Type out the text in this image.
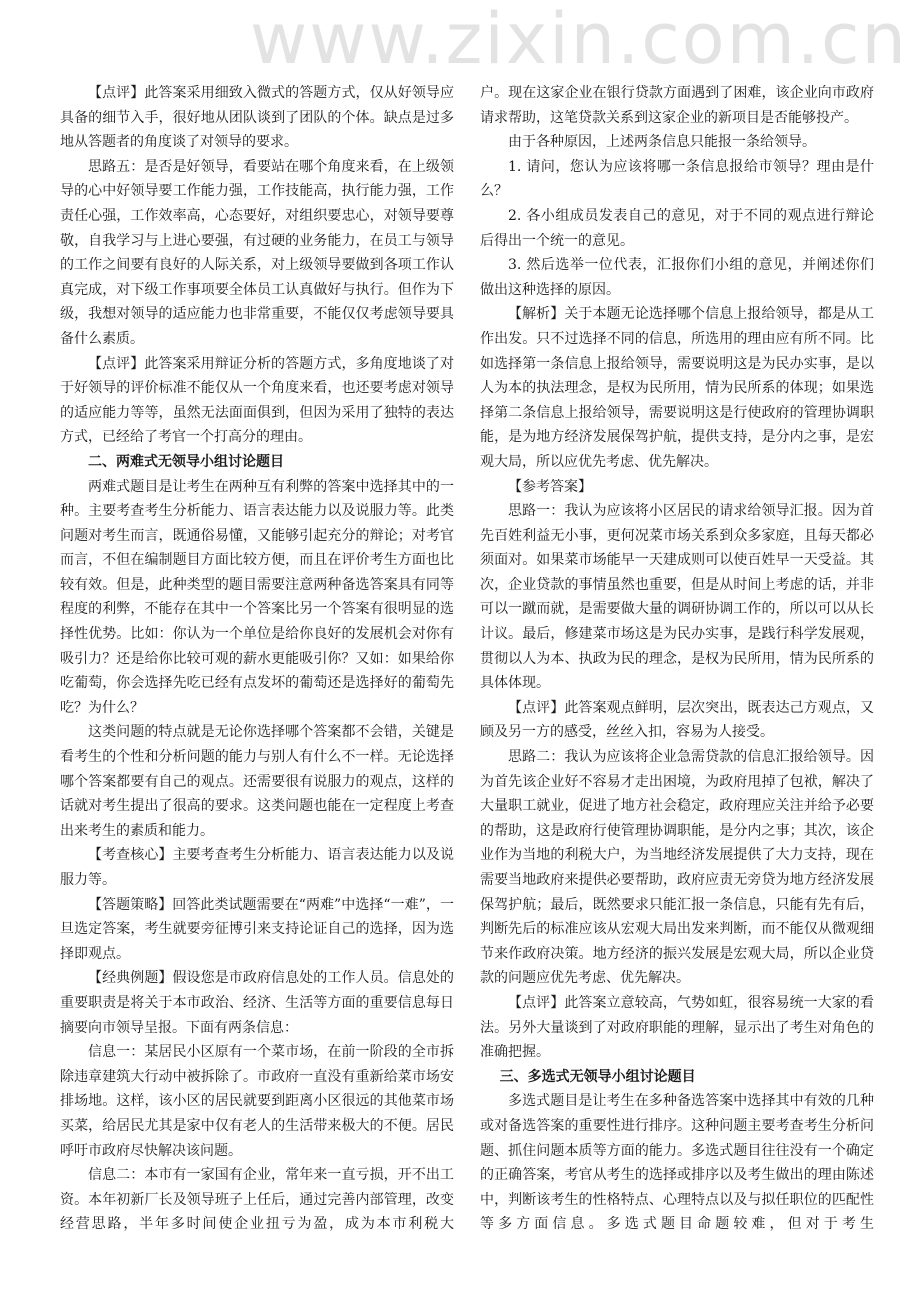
www.zixin.com.cn

【点评】此答案采用细致入微式的答题方式，仅从好领导应具备的细节入手，很好地从团队谈到了团队的个体。缺点是过多地从答题者的角度谈了对领导的要求。

思路五：是否是好领导，看要站在哪个角度来看，在上级领导的心中好领导要工作能力强，工作技能高，执行能力强，工作责任心强，工作效率高，心态要好，对组织要忠心，对领导要尊敬，自我学习与上进心要强，有过硬的业务能力，在员工与领导的工作之间要有良好的人际关系，对上级领导要做到各项工作认真完成，对下级工作事项要全体员工认真做好与执行。但作为下级，我想对领导的适应能力也非常重要，不能仅仅考虑领导要具备什么素质。

【点评】此答案采用辩证分析的答题方式，多角度地谈了对于好领导的评价标准不能仅从一个角度来看，也还要考虑对领导的适应能力等等，虽然无法面面俱到，但因为采用了独特的表达方式，已经给了考官一个打高分的理由。

二、两难式无领导小组讨论题目

两难式题目是让考生在两种互有利弊的答案中选择其中的一种。主要考查考生分析能力、语言表达能力以及说服力等。此类问题对考生而言，既通俗易懂，又能够引起充分的辩论；对考官而言，不但在编制题目方面比较方便，而且在评价考生方面也比较有效。但是，此种类型的题目需要注意两种备选答案具有同等程度的利弊，不能存在其中一个答案比另一个答案有很明显的选择性优势。比如：你认为一个单位是给你良好的发展机会对你有吸引力？还是给你比较可观的薪水更能吸引你？又如：如果给你吃葡萄，你会选择先吃已经有点发坏的葡萄还是选择好的葡萄先吃？为什么？

这类问题的特点就是无论你选择哪个答案都不会错，关键是看考生的个性和分析问题的能力与别人有什么不一样。无论选择哪个答案都要有自己的观点。还需要很有说服力的观点，这样的话就对考生提出了很高的要求。这类问题也能在一定程度上考查出来考生的素质和能力。

【考查核心】主要考查考生分析能力、语言表达能力以及说服力等。

【答题策略】回答此类试题需要在“两难”中选择“一难”，一旦选定答案，考生就要旁征博引来支持论证自己的选择，因为选择即观点。

【经典例题】假设您是市政府信息处的工作人员。信息处的重要职责是将关于本市政治、经济、生活等方面的重要信息每日摘要向市领导呈报。下面有两条信息：

信息一：某居民小区原有一个菜市场，在前一阶段的全市拆除违章建筑大行动中被拆除了。市政府一直没有重新给菜市场安排场地。这样，该小区的居民就要到距离小区很远的其他菜市场买菜，给居民尤其是家中仅有老人的生活带来极大的不便。居民呼吁市政府尽快解决该问题。

信息二：本市有一家国有企业，常年来一直亏损，开不出工资。本年初新厂长及领导班子上任后，通过完善内部管理，改变经营思路，半年多时间使企业扭亏为盈，成为本市利税大

户。现在这家企业在银行贷款方面遇到了困难，该企业向市政府请求帮助，这笔贷款关系到这家企业的新项目是否能够投产。

由于各种原因，上述两条信息只能报一条给领导。

1. 请问，您认为应该将哪一条信息报给市领导？理由是什么？

2. 各小组成员发表自己的意见，对于不同的观点进行辩论后得出一个统一的意见。

3. 然后选举一位代表，汇报你们小组的意见，并阐述你们做出这种选择的原因。

【解析】关于本题无论选择哪个信息上报给领导，都是从工作出发。只不过选择不同的信息，所选用的理由应有所不同。比如选择第一条信息上报给领导，需要说明这是为民办实事，是以人为本的执法理念，是权为民所用，情为民所系的体现；如果选择第二条信息上报给领导，需要说明这是行使政府的管理协调职能，是为地方经济发展保驾护航，提供支持，是分内之事，是宏观大局，所以应优先考虑、优先解决。

【参考答案】

思路一：我认为应该将小区居民的请求给领导汇报。因为首先百姓利益无小事，更何况菜市场关系到众多家庭，且每天都必须面对。如果菜市场能早一天建成则可以使百姓早一天受益。其次，企业贷款的事情虽然也重要，但是从时间上考虑的话，并非可以一蹴而就，是需要做大量的调研协调工作的，所以可以从长计议。最后，修建菜市场这是为民办实事，是践行科学发展观，贯彻以人为本、执政为民的理念，是权为民所用，情为民所系的具体体现。

【点评】此答案观点鲜明，层次突出，既表达己方观点，又顾及另一方的感受，丝丝入扣，容易为人接受。

思路二：我认为应该将企业急需贷款的信息汇报给领导。因为首先该企业好不容易才走出困境，为政府甩掉了包袱，解决了大量职工就业，促进了地方社会稳定，政府理应关注并给予必要的帮助，这是政府行使管理协调职能，是分内之事；其次，该企业作为当地的利税大户，为当地经济发展提供了大力支持，现在需要当地政府来提供必要帮助，政府应责无旁贷为地方经济发展保驾护航；最后，既然要求只能汇报一条信息，只能有先有后，判断先后的标准应该从宏观大局出发来判断，而不能仅从微观细节来作政府决策。地方经济的振兴发展是宏观大局，所以企业贷款的问题应优先考虑、优先解决。

【点评】此答案立意较高，气势如虹，很容易统一大家的看法。另外大量谈到了对政府职能的理解，显示出了考生对角色的准确把握。

三、多选式无领导小组讨论题目

多选式题目是让考生在多种备选答案中选择其中有效的几种或对备选答案的重要性进行排序。这种问题主要考查考生分析问题、抓住问题本质等方面的能力。多选式题目往往没有一个确定的正确答案，考官从考生的选择或排序以及考生做出的理由陈述中，判断该考生的性格特点、心理特点以及与拟任职位的匹配性等多方面信息。多选式题目命题较难，但对于考生
